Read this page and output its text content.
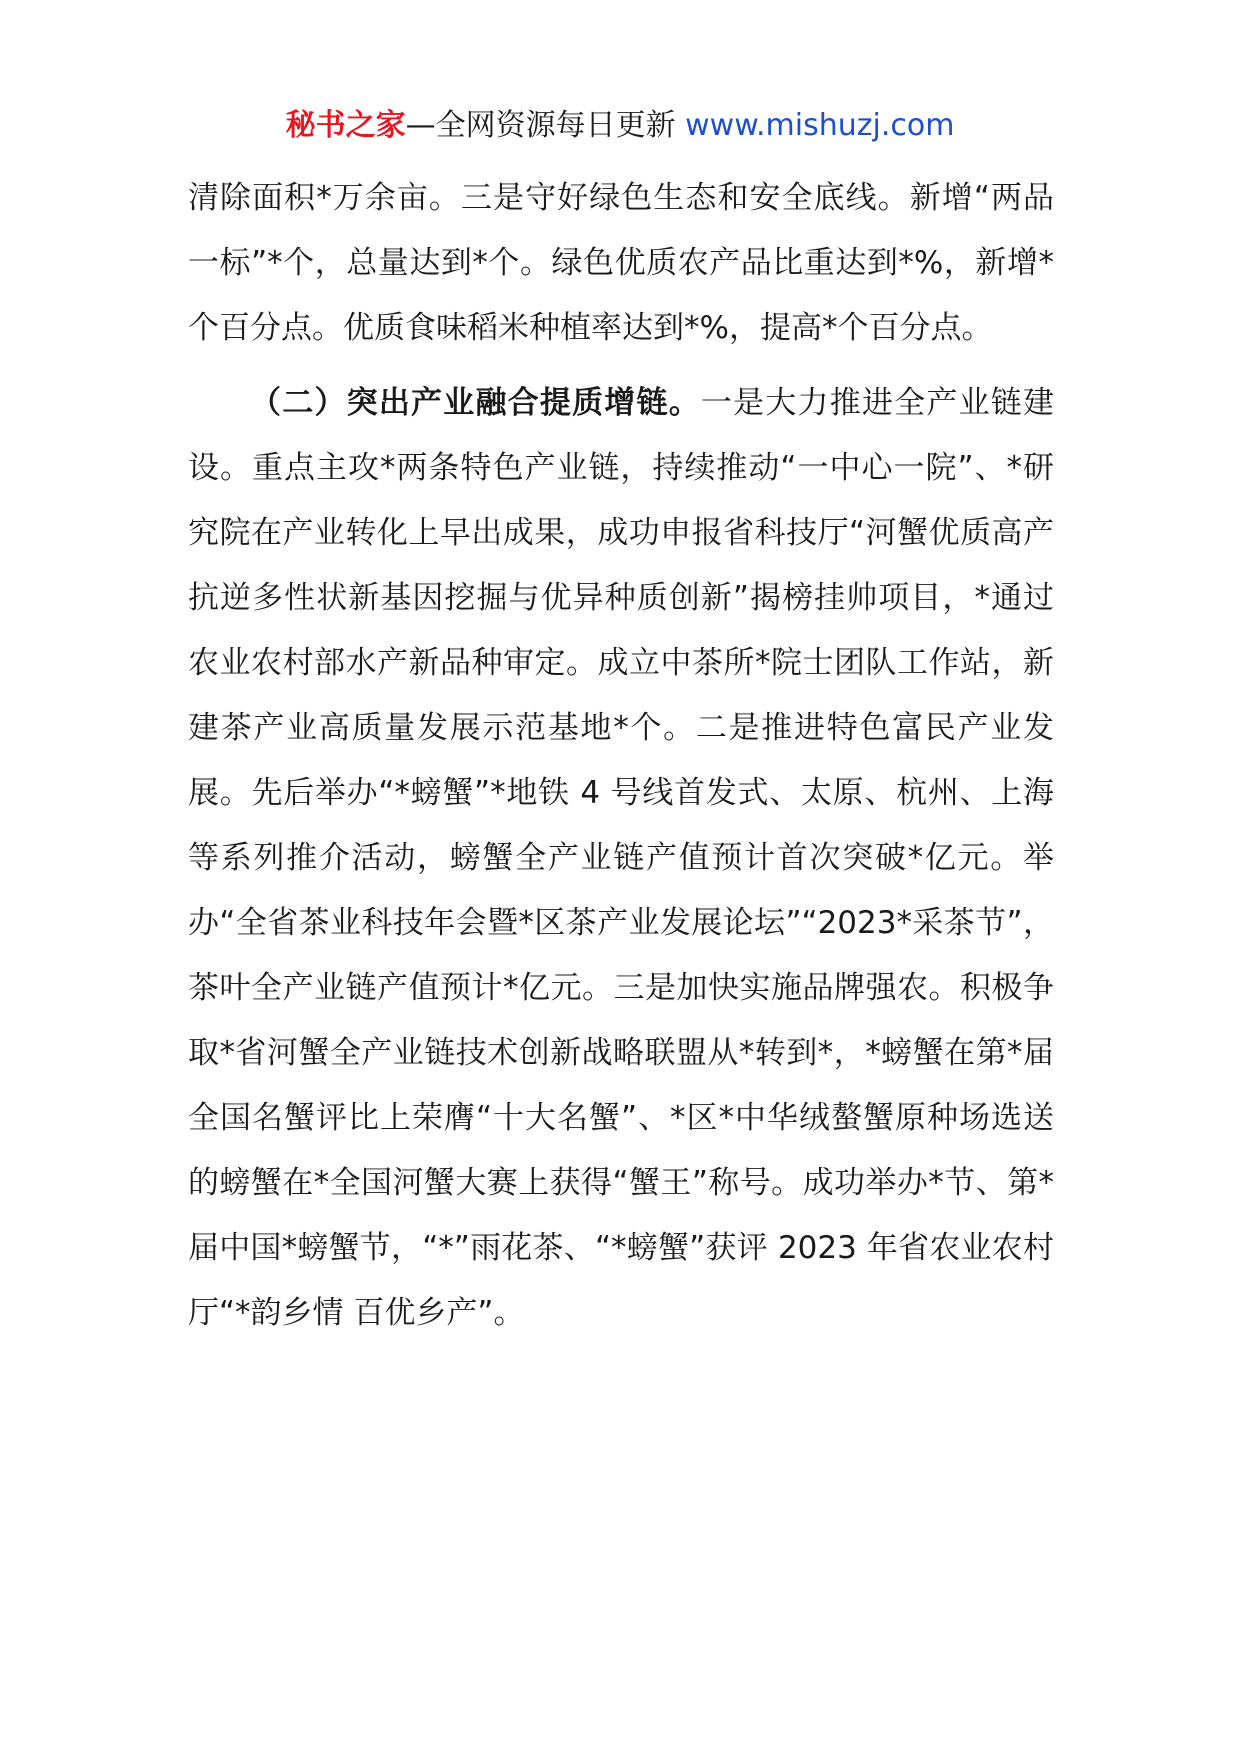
秘书之家—全网资源每日更新 www.mishuzj.com

清除面积*万余亩。三是守好绿色生态和安全底线。新增“两品一标”*个，总量达到*个。绿色优质农产品比重达到*%，新增*个百分点。优质食味稻米种植率达到*%，提高*个百分点。

（二）突出产业融合提质增链。一是大力推进全产业链建设。重点主攻*两条特色产业链，持续推动“一中心一院”、*研究院在产业转化上早出成果，成功申报省科技厅“河蟹优质高产抗逆多性状新基因挖掘与优异种质创新”揭榜挂帅项目，*通过农业农村部水产新品种审定。成立中茶所*院士团队工作站，新建茶产业高质量发展示范基地*个。二是推进特色富民产业发展。先后举办“*螃蟹”*地铁 4 号线首发式、太原、杭州、上海等系列推介活动，螃蟹全产业链产值预计首次突破*亿元。举办“全省茶业科技年会暨*区茶产业发展论坛”“2023*采茶节”，茶叶全产业链产值预计*亿元。三是加快实施品牌强农。积极争取*省河蟹全产业链技术创新战略联盟从*转到*，*螃蟹在第*届全国名蟹评比上荣膺“十大名蟹”、*区*中华绒螯蟹原种场选送的螃蟹在*全国河蟹大赛上获得“蟹王”称号。成功举办*节、第*届中国*螃蟹节，“*”雨花茶、“*螃蟹”获评 2023 年省农业农村厅“*韵乡情 百优乡产”。
